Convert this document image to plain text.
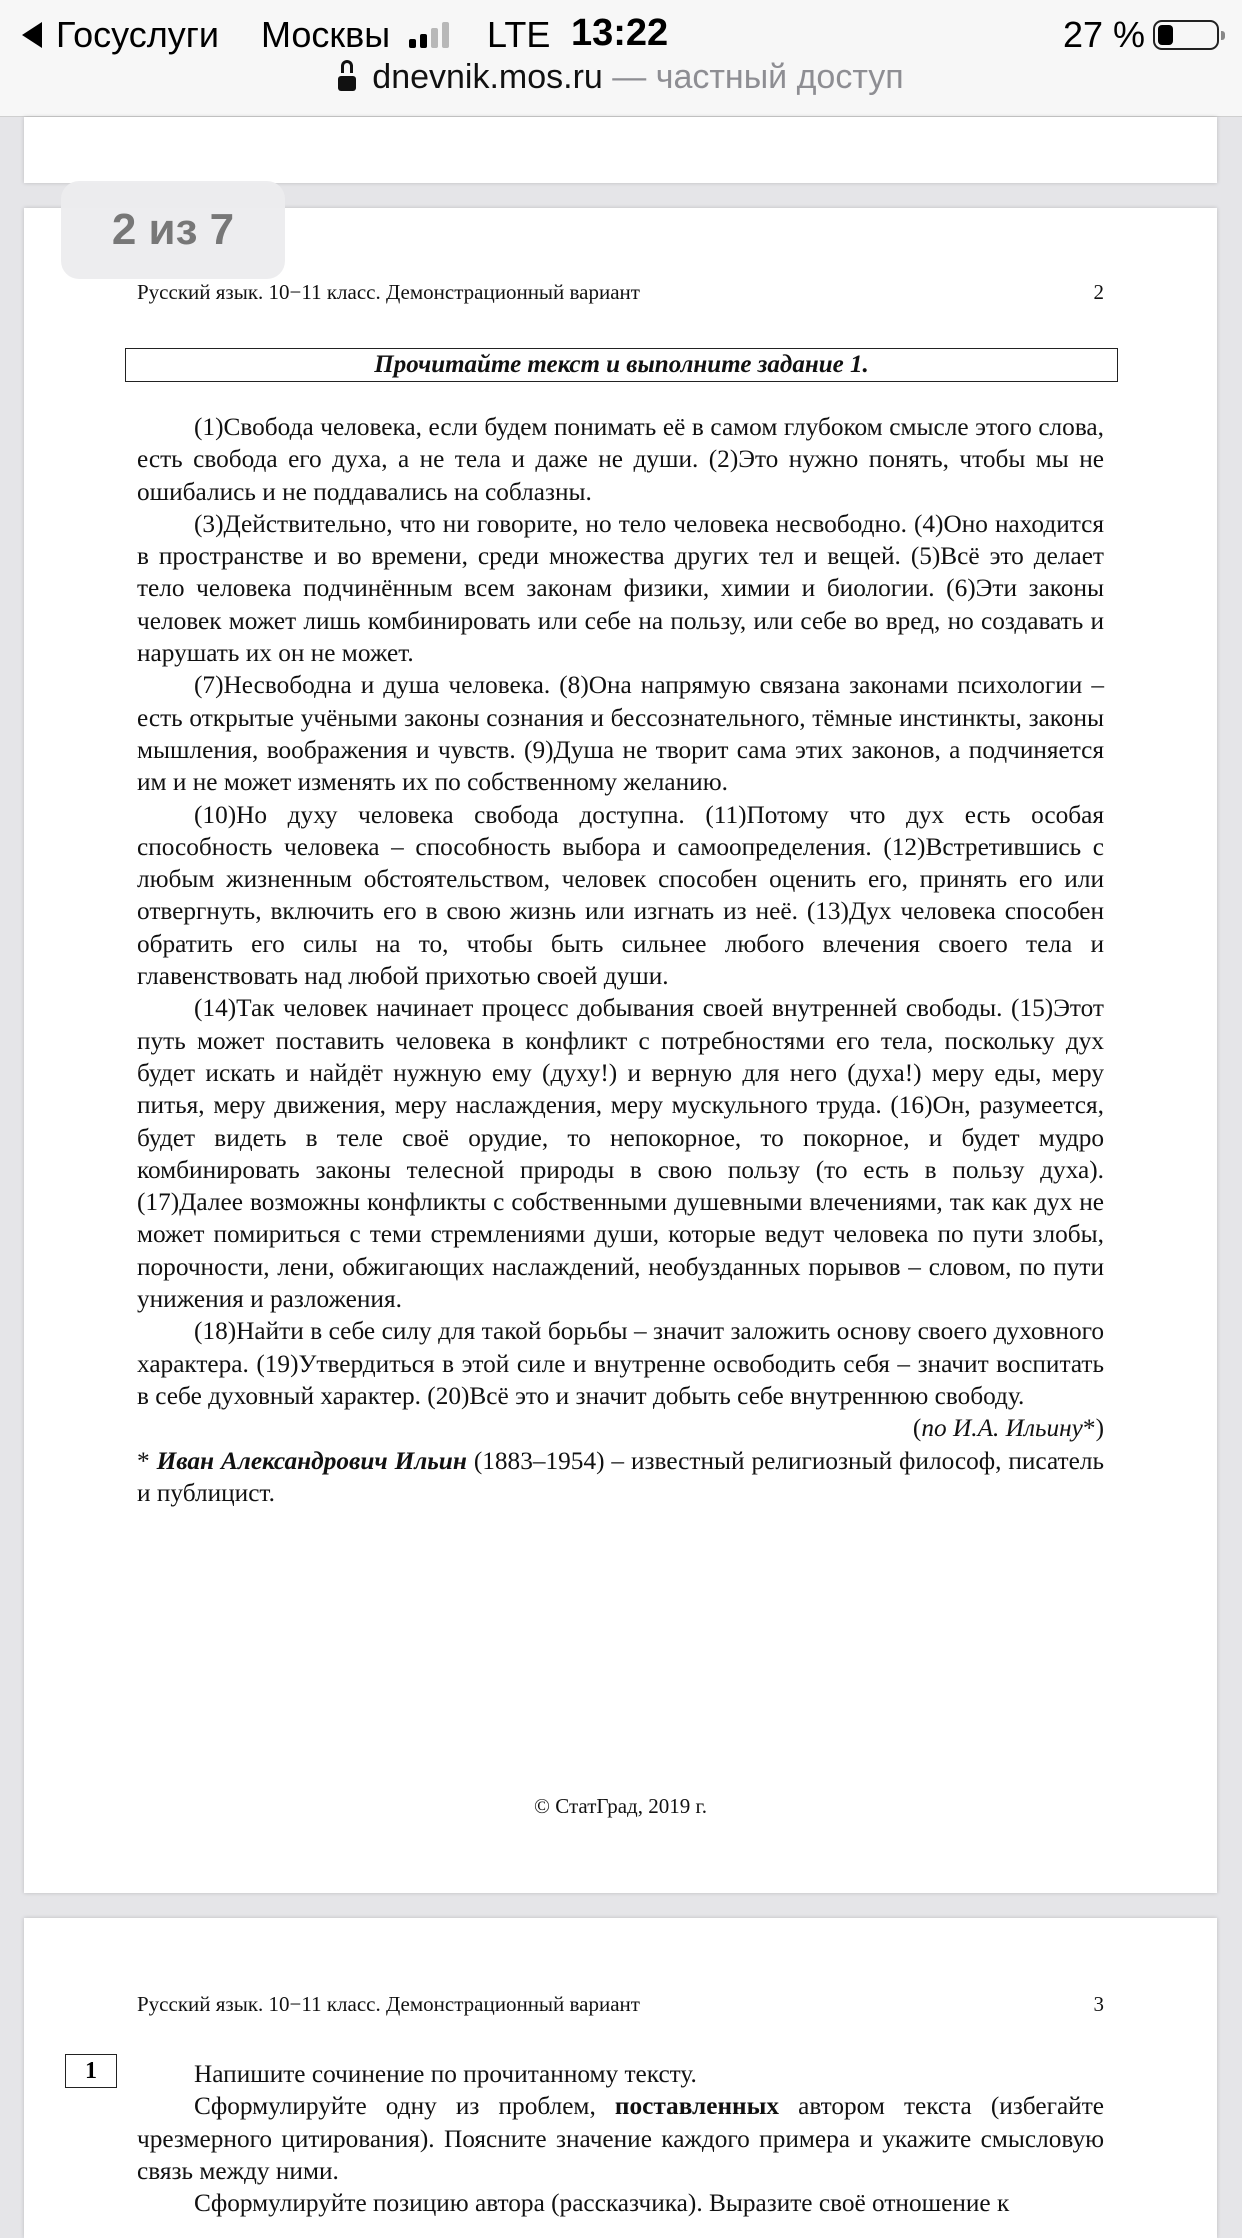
Госуслуги Москвы	LTE 13:22	27 %
dnevnik.mos.ru — частный доступ
Русский язык. 10−11 класс. Демонстрационный вариант	2
Прочитайте текст и выполните задание 1.

(1)Свобода человека, если будем понимать её в самом глубоком смысле этого слова, есть свобода его духа, а не тела и даже не души. (2)Это нужно понять, чтобы мы не ошибались и не поддавались на соблазны.

(3)Действительно, что ни говорите, но тело человека несвободно. (4)Оно находится в пространстве и во времени, среди множества других тел и вещей. (5)Всё это делает тело человека подчинённым всем законам физики, химии и биологии. (6)Эти законы человек может лишь комбинировать или себе на пользу, или себе во вред, но создавать и нарушать их он не может.

(7)Несвободна и душа человека. (8)Она напрямую связана законами психологии – есть открытые учёными законы сознания и бессознательного, тёмные инстинкты, законы мышления, воображения и чувств. (9)Душа не творит сама этих законов, а подчиняется им и не может изменять их по собственному желанию.

(10)Но духу человека свобода доступна. (11)Потому что дух есть особая способность человека – способность выбора и самоопределения. (12)Встретившись с любым жизненным обстоятельством, человек способен оценить его, принять его или отвергнуть, включить его в свою жизнь или изгнать из неё. (13)Дух человека способен обратить его силы на то, чтобы быть сильнее любого влечения своего тела и главенствовать над любой прихотью своей души.

(14)Так человек начинает процесс добывания своей внутренней свободы. (15)Этот путь может поставить человека в конфликт с потребностями его тела, поскольку дух будет искать и найдёт нужную ему (духу!) и верную для него (духа!) меру еды, меру питья, меру движения, меру наслаждения, меру мускульного труда. (16)Он, разумеется, будет видеть в теле своё орудие, то непокорное, то покорное, и будет мудро комбинировать законы телесной природы в свою пользу (то есть в пользу духа). (17)Далее возможны конфликты с собственными душевными влечениями, так как дух не может помириться с теми стремлениями души, которые ведут человека по пути злобы, порочности, лени, обжигающих наслаждений, необузданных порывов – словом, по пути унижения и разложения.

(18)Найти в себе силу для такой борьбы – значит заложить основу своего духовного характера. (19)Утвердиться в этой силе и внутренне освободить себя – значит воспитать в себе духовный характер. (20)Всё это и значит добыть себе внутреннюю свободу.

(по И.А. Ильину*)

* Иван Александрович Ильин (1883–1954) – известный религиозный философ, писатель и публицист.

© СтатГрад, 2019 г.
Русский язык. 10−11 класс. Демонстрационный вариант	3
1	Напишите сочинение по прочитанному тексту.

Сформулируйте одну из проблем, поставленных автором текста (избегайте чрезмерного цитирования). Поясните значение каждого примера и укажите смысловую связь между ними.

Сформулируйте позицию автора (рассказчика). Выразите своё отношение к

2 из 7
